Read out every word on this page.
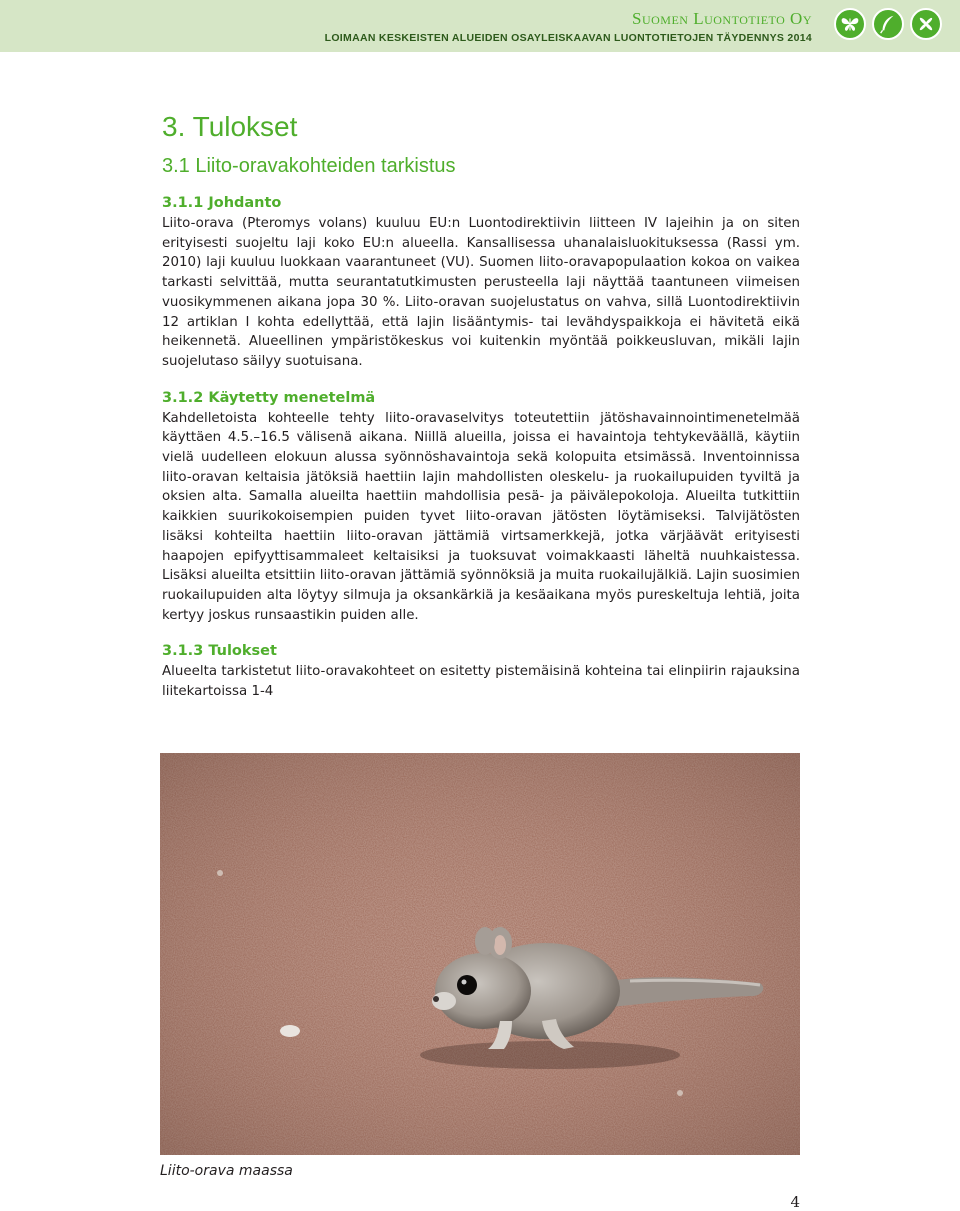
Suomen Luontotieto Oy
LOIMAAN KESKEISTEN ALUEIDEN OSAYLEISKAAVAN LUONTOTIETOJEN TÄYDENNYS 2014
3. Tulokset
3.1 Liito-oravakohteiden tarkistus
3.1.1 Johdanto

Liito-orava (Pteromys volans) kuuluu EU:n Luontodirektiivin liitteen IV lajeihin ja on siten erityisesti suojeltu laji koko EU:n alueella. Kansallisessa uhanalaisluokituksessa (Rassi ym. 2010) laji kuuluu luokkaan vaarantuneet (VU). Suomen liito-oravapopulaation kokoa on vaikea tarkasti selvittää, mutta seurantatutkimusten perusteella laji näyttää taantuneen viimeisen vuosikymmenen aikana jopa 30 %. Liito-oravan suojelustatus on vahva, sillä Luontodirektiivin 12 artiklan I kohta edellyttää, että lajin lisääntymis- tai levähdyspaikkoja ei hävitetä eikä heikennetä. Alueellinen ympäristökeskus voi kuitenkin myöntää poikkeusluvan, mikäli lajin suojelutaso säilyy suotuisana.

3.1.2 Käytetty menetelmä

Kahdelletoista kohteelle tehty liito-oravaselvitys toteutettiin jätöshavainnointimenetelmää käyttäen 4.5.–16.5 välisenä aikana. Niillä alueilla, joissa ei havaintoja tehtykeväällä, käytiin vielä uudelleen elokuun alussa syönnöshavaintoja sekä kolopuita etsimässä. Inventoinnissa liito-oravan keltaisia jätöksiä haettiin lajin mahdollisten oleskelu- ja ruokailupuiden tyviltä ja oksien alta. Samalla alueilta haettiin mahdollisia pesä- ja päivälepokoloja. Alueilta tutkittiin kaikkien suurikokoisempien puiden tyvet liito-oravan jätösten löytämiseksi. Talvijätösten lisäksi kohteilta haettiin liito-oravan jättämiä virtsamerkkejä, jotka värjäävät erityisesti haapojen epifyyttisammaleet keltaisiksi ja tuoksuvat voimakkaasti läheltä nuuhkaistessa. Lisäksi alueilta etsittiin liito-oravan jättämiä syönnöksiä ja muita ruokailujälkiä. Lajin suosimien ruokailupuiden alta löytyy silmuja ja oksankärkiä ja kesäaikana myös pureskeltuja lehtiä, joita kertyy joskus runsaastikin puiden alle.

3.1.3 Tulokset

Alueelta tarkistetut liito-oravakohteet on esitetty pistemäisinä kohteina tai elinpiirin rajauksina liitekartoissa 1-4

Liito-orava maassa
4
